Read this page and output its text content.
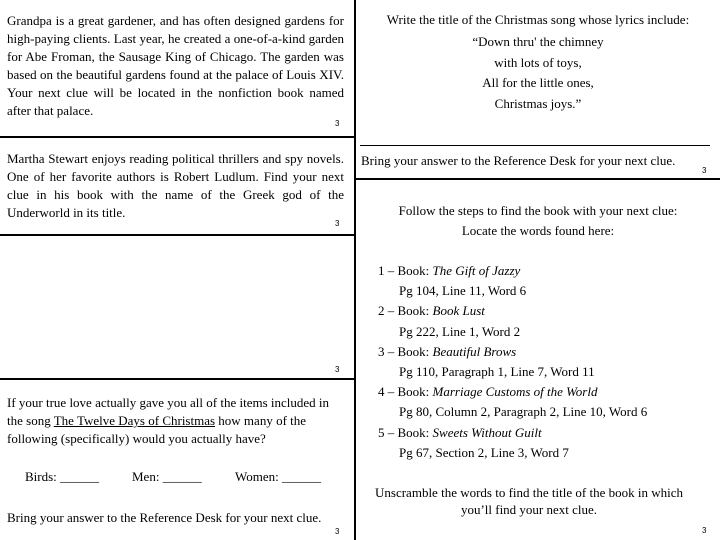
Grandpa is a great gardener, and has often designed gardens for high-paying clients. Last year, he created a one-of-a-kind garden for Abe Froman, the Sausage King of Chicago. The garden was based on the beautiful gardens found at the palace of Louis XIV. Your next clue will be located in the nonfiction book named after that palace.

3

Write the title of the Christmas song whose lyrics include:

“Down thru' the chimney

with lots of toys,

All for the little ones,

Christmas joys.”

Bring your answer to the Reference Desk for your next clue.

3

Martha Stewart enjoys reading political thrillers and spy novels. One of her favorite authors is Robert Ludlum. Find your next clue in his book with the name of the Greek god of the Underworld in its title.

3

Follow the steps to find the book with your next clue:

Locate the words found here:

1 – Book: The Gift of Jazzy
Pg 104, Line 11, Word 6
2 – Book: Book Lust
Pg 222, Line 1, Word 2
3 – Book: Beautiful Brows
Pg 110, Paragraph 1, Line 7, Word 11
4 – Book: Marriage Customs of the World
Pg 80, Column 2, Paragraph 2, Line 10, Word 6
5 – Book: Sweets Without Guilt
Pg 67, Section 2, Line 3, Word 7

Unscramble the words to find the title of the book in which you’ll find your next clue.

3
3

If your true love actually gave you all of the items included in the song The Twelve Days of Christmas how many of the following (specifically) would you actually have?

Birds: ______	Men: ______	Women: ______

Bring your answer to the Reference Desk for your next clue.

3
